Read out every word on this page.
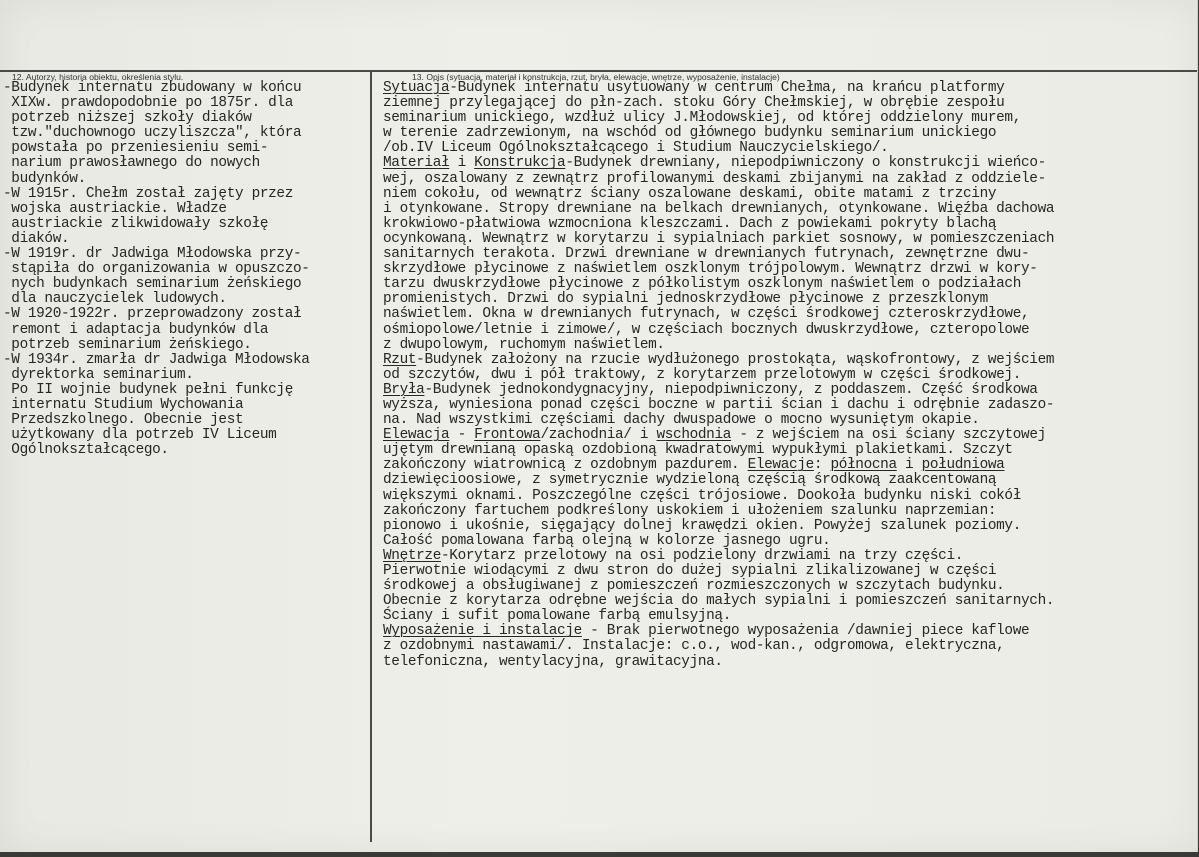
12. Autorzy, historia obiektu, określenia stylu.	13. Opis (sytuacja, materiał i konstrukcja, rzut, bryła, elewacje, wnętrze, wyposażenie, instalacje)
-Budynek internatu zbudowany w końcu
XIXw. prawdopodobnie po 1875r. dla
potrzeb niższej szkoły diaków
tzw."duchownogo uczyliszcza", która
powstała po przeniesieniu semi-
narium prawosławnego do nowych
budynków.
-W 1915r. Chełm został zajęty przez
wojska austriackie. Władze
austriackie zlikwidowały szkołę
diaków.
-W 1919r. dr Jadwiga Młodowska przy-
stąpiła do organizowania w opuszczo-
nych budynkach seminarium żeńskiego
dla nauczycielek ludowych.
-W 1920-1922r. przeprowadzony został
remont i adaptacja budynków dla
potrzeb seminarium żeńskiego.
-W 1934r. zmarła dr Jadwiga Młodowska
dyrektorka seminarium.
Po II wojnie budynek pełni funkcję
internatu Studium Wychowania
Przedszkolnego. Obecnie jest
użytkowany dla potrzeb IV Liceum
Ogólnokształcącego.
Sytuacja-Budynek internatu usytuowany w centrum Chełma, na krańcu platformy
ziemnej przylegającej do płn-zach. stoku Góry Chełmskiej, w obrębie zespołu
seminarium unickiego, wzdłuż ulicy J.Młodowskiej, od której oddzielony murem,
w terenie zadrzewionym, na wschód od głównego budynku seminarium unickiego
/ob.IV Liceum Ogólnokształcącego i Studium Nauczycielskiego/.
Materiał i Konstrukcja-Budynek drewniany, niepodpiwniczony o konstrukcji wieńco-
wej, oszalowany z zewnątrz profilowanymi deskami zbijanymi na zakład z oddziele-
niem cokołu, od wewnątrz ściany oszalowane deskami, obite matami z trzciny
i otynkowane. Stropy drewniane na belkach drewnianych, otynkowane. Więźba dachowa
krokwiowo-płatwiowa wzmocniona kleszczami. Dach z powiekami pokryty blachą
ocynkowaną. Wewnątrz w korytarzu i sypialniach parkiet sosnowy, w pomieszczeniach
sanitarnych terakota. Drzwi drewniane w drewnianych futrynach, zewnętrzne dwu-
skrzydłowe płycinowe z naświetlem oszklonym trójpolowym. Wewnątrz drzwi w kory-
tarzu dwuskrzydłowe płycinowe z półkolistym oszklonym naświetlem o podziałach
promienistych. Drzwi do sypialni jednoskrzydłowe płycinowe z przeszklonym
naświetlem. Okna w drewnianych futrynach, w części środkowej czteroskrzydłowe,
ośmiopolowe/letnie i zimowe/, w częściach bocznych dwuskrzydłowe, czteropolowe
z dwupolowym, ruchomym naświetlem.
Rzut-Budynek założony na rzucie wydłużonego prostokąta, wąskofrontowy, z wejściem
od szczytów, dwu i pół traktowy, z korytarzem przelotowym w części środkowej.
Bryła-Budynek jednokondygnacyjny, niepodpiwniczony, z poddaszem. Część środkowa
wyższa, wyniesiona ponad części boczne w partii ścian i dachu i odrębnie zadaszo-
na. Nad wszystkimi częściami dachy dwuspadowe o mocno wysuniętym okapie.
Elewacja - Frontowa/zachodnia/ i wschodnia - z wejściem na osi ściany szczytowej
ujętym drewnianą opaską ozdobioną kwadratowymi wypukłymi plakietkami. Szczyt
zakończony wiatrownicą z ozdobnym pazdurem. Elewacje: północna i południowa
dziewięcioosiowe, z symetrycznie wydzieloną częścią środkową zaakcentowaną
większymi oknami. Poszczególne części trójosiowe. Dookoła budynku niski cokół
zakończony fartuchem podkreślony uskokiem i ułożeniem szalunku naprzemian:
pionowo i ukośnie, sięgający dolnej krawędzi okien. Powyżej szalunek poziomy.
Całość pomalowana farbą olejną w kolorze jasnego ugru.
Wnętrze-Korytarz przelotowy na osi podzielony drzwiami na trzy części.
Pierwotnie wiodącymi z dwu stron do dużej sypialni zlikalizowanej w części
środkowej a obsługiwanej z pomieszczeń rozmieszczonych w szczytach budynku.
Obecnie z korytarza odrębne wejścia do małych sypialni i pomieszczeń sanitarnych.
Ściany i sufit pomalowane farbą emulsyjną.
Wyposażenie i instalacje - Brak pierwotnego wyposażenia /dawniej piece kaflowe
z ozdobnymi nastawami/. Instalacje: c.o., wod-kan., odgromowa, elektryczna,
telefoniczna, wentylacyjna, grawitacyjna.
